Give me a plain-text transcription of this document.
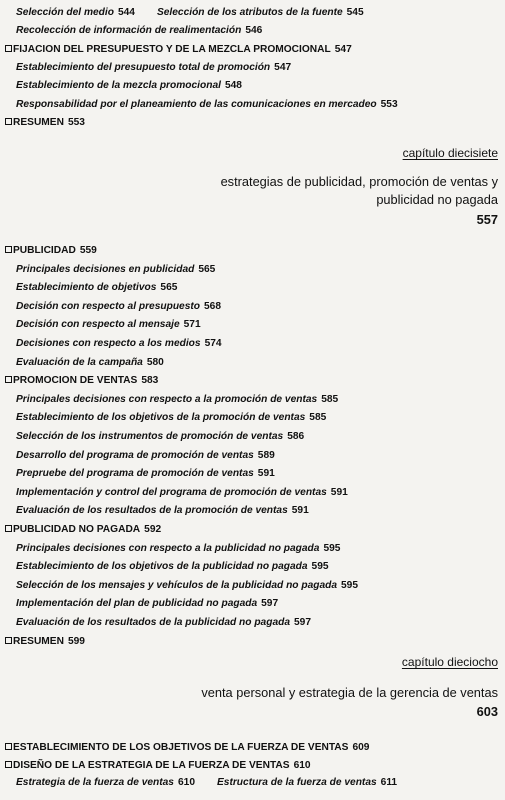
Selección del medio 544 Selección de los atributos de la fuente 545
Recolección de información de realimentación 546
FIJACION DEL PRESUPUESTO Y DE LA MEZCLA PROMOCIONAL 547
Establecimiento del presupuesto total de promoción 547
Establecimiento de la mezcla promocional 548
Responsabilidad por el planeamiento de las comunicaciones en mercadeo 553
RESUMEN 553
capítulo diecisiete
estrategias de publicidad, promoción de ventas y
publicidad no pagada
557
PUBLICIDAD 559
Principales decisiones en publicidad 565
Establecimiento de objetivos 565
Decisión con respecto al presupuesto 568
Decisión con respecto al mensaje 571
Decisiones con respecto a los medios 574
Evaluación de la campaña 580
PROMOCION DE VENTAS 583
Principales decisiones con respecto a la promoción de ventas 585
Establecimiento de los objetivos de la promoción de ventas 585
Selección de los instrumentos de promoción de ventas 586
Desarrollo del programa de promoción de ventas 589
Prepruebe del programa de promoción de ventas 591
Implementación y control del programa de promoción de ventas 591
Evaluación de los resultados de la promoción de ventas 591
PUBLICIDAD NO PAGADA 592
Principales decisiones con respecto a la publicidad no pagada 595
Establecimiento de los objetivos de la publicidad no pagada 595
Selección de los mensajes y vehículos de la publicidad no pagada 595
Implementación del plan de publicidad no pagada 597
Evaluación de los resultados de la publicidad no pagada 597
RESUMEN 599
capítulo dieciocho
venta personal y estrategia de la gerencia de ventas
603
ESTABLECIMIENTO DE LOS OBJETIVOS DE LA FUERZA DE VENTAS 609
DISEÑO DE LA ESTRATEGIA DE LA FUERZA DE VENTAS 610
Estrategia de la fuerza de ventas 610 Estructura de la fuerza de ventas 611
